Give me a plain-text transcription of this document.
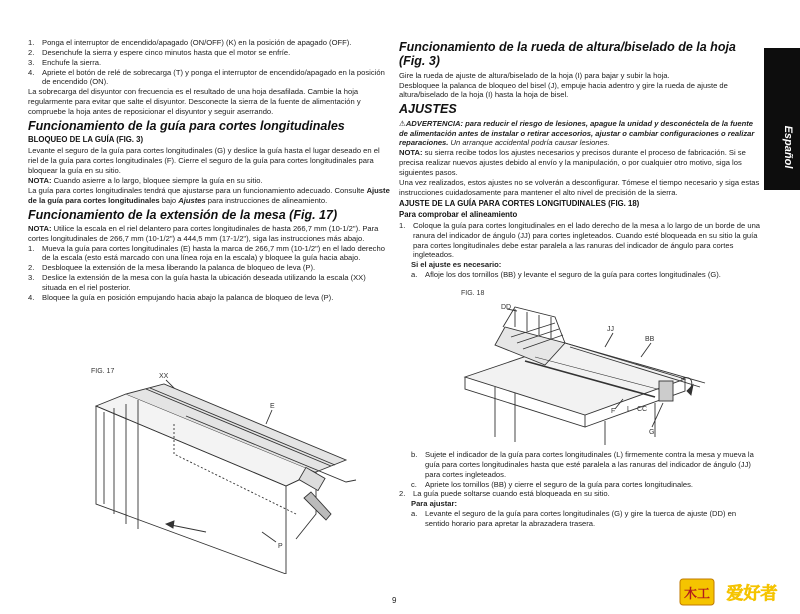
1. Ponga el interruptor de encendido/apagado (ON/OFF) (K) en la posición de apagado (OFF).
2. Desenchufe la sierra y espere cinco minutos hasta que el motor se enfríe.
3. Enchufe la sierra.
4. Apriete el botón de relé de sobrecarga (T) y ponga el interruptor de encendido/apagado en la posición de encendido (ON).

La sobrecarga del disyuntor con frecuencia es el resultado de una hoja desafilada. Cambie la hoja regularmente para evitar que salte el disyuntor. Desconecte la sierra de la fuente de alimentación y compruebe la hoja antes de reposicionar el disyuntor y seguir aserrando.

Funcionamiento de la guía para cortes longitudinales
BLOQUEO DE LA GUÍA (FIG. 3)

Levante el seguro de la guía para cortes longitudinales (G) y deslice la guía hasta el lugar deseado en el riel de la guía para cortes longitudinales (F). Cierre el seguro de la guía para cortes longitudinales para bloquear la guía en su sitio.

NOTA: Cuando asierre a lo largo, bloquee siempre la guía en su sitio.

La guía para cortes longitudinales tendrá que ajustarse para un funcionamiento adecuado. Consulte Ajuste de la guía para cortes longitudinales bajo Ajustes para instrucciones de alineamiento.

Funcionamiento de la extensión de la mesa (Fig. 17)

NOTA: Utilice la escala en el riel delantero para cortes longitudinales de hasta 266,7 mm (10-1/2"). Para cortes longitudinales de 266,7 mm (10-1/2") a 444,5 mm (17-1/2"), siga las instrucciones más abajo.

1. Mueva la guía para cortes longitudinales (E) hasta la marca de 266,7 mm (10-1/2") en el lado derecho de la escala (esto está marcado con una línea roja en la escala) y bloquee la guía hacia abajo.
2. Desbloquee la extensión de la mesa liberando la palanca de bloqueo de leva (P).
3. Deslice la extensión de la mesa con la guía hasta la ubicación deseada utilizando la escala (XX) situada en el riel posterior.
4. Bloquee la guía en posición empujando hacia abajo la palanca de bloqueo de leva (P).
FIG. 17
XX
E
P
Funcionamiento de la rueda de altura/biselado de la hoja (Fig. 3)

Gire la rueda de ajuste de altura/biselado de la hoja (I) para bajar y subir la hoja.

Desbloquee la palanca de bloqueo del bisel (J), empuje hacia adentro y gire la rueda de ajuste de altura/biselado de la hoja (I) hasta la hoja de bisel.

AJUSTES

⚠ADVERTENCIA: para reducir el riesgo de lesiones, apague la unidad y desconéctela de la fuente de alimentación antes de instalar o retirar accesorios, ajustar o cambiar configuraciones o realizar reparaciones. Un arranque accidental podría causar lesiones.

NOTA: su sierra recibe todos los ajustes necesarios y precisos durante el proceso de fabricación. Si se precisa realizar nuevos ajustes debido al envío y la manipulación, o por cualquier otro motivo, siga los siguientes pasos.

Una vez realizados, estos ajustes no se volverán a desconfigurar. Tómese el tiempo necesario y siga estas instrucciones cuidadosamente para mantener el alto nivel de precisión de la sierra.

AJUSTE DE LA GUÍA PARA CORTES LONGITUDINALES (FIG. 18)
Para comprobar el alineamiento
1. Coloque la guía para cortes longitudinales en el lado derecho de la mesa a lo largo de un borde de una ranura del indicador de ángulo (JJ) para cortes ingleteados. Cuando esté bloqueada en su sitio la guía para cortes longitudinales debe estar paralela a las ranuras del indicador de ángulo para cortes ingleteados.
Si el ajuste es necesario:
a. Afloje los dos tornillos (BB) y levante el seguro de la guía para cortes longitudinales (G).
FIG. 18
DD
JJ
BB
F L CC
G
b. Sujete el indicador de la guía para cortes longitudinales (L) firmemente contra la mesa y mueva la guía para cortes longitudinales hasta que esté paralela a las ranuras del indicador de ángulo (JJ) para cortes ingleteados.
c. Apriete los tornillos (BB) y cierre el seguro de la guía para cortes longitudinales.
2. La guía puede soltarse cuando está bloqueada en su sitio.
Para ajustar:
a. Levante el seguro de la guía para cortes longitudinales (G) y gire la tuerca de ajuste (DD) en sentido horario para apretar la abrazadera trasera.
Español
9	木工 爱好者
